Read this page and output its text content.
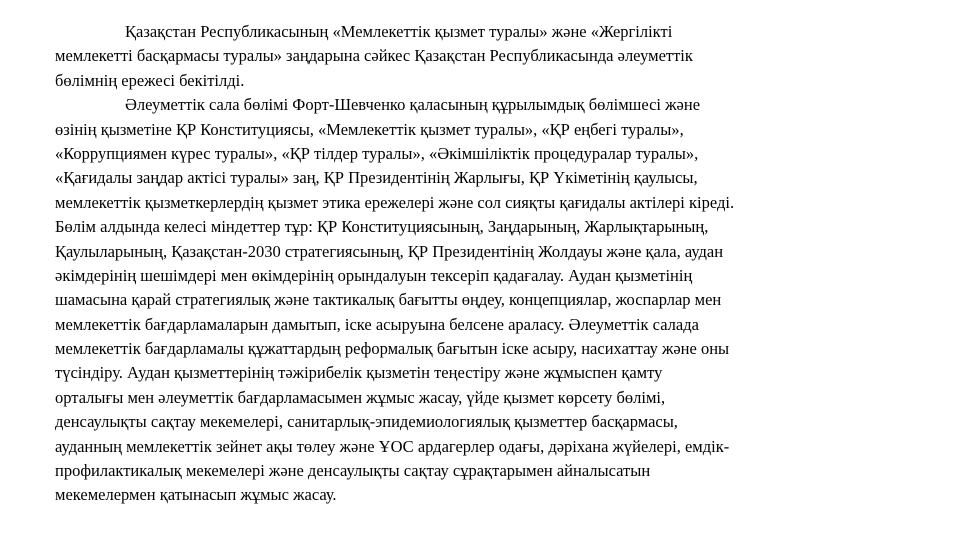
Қазақстан Республикасының «Мемлекеттік қызмет туралы» және «Жергілікті
мемлекетті басқармасы туралы» заңдарына сәйкес Қазақстан Республикасында әлеуметтік
бөлімнің ережесі бекітілді.
Әлеуметтік сала бөлімі Форт-Шевченко қаласының құрылымдық бөлімшесі және
өзінің қызметіне ҚР Конституциясы, «Мемлекеттік қызмет туралы», «ҚР еңбегі туралы»,
«Коррупциямен күрес туралы», «ҚР тілдер туралы», «Әкімшіліктік процедуралар туралы»,
«Қағидалы заңдар актісі туралы» заң, ҚР Президентінің Жарлығы, ҚР Үкіметінің қаулысы,
мемлекеттік қызметкерлердің қызмет этика ережелері және сол сияқты қағидалы актілері кіреді.
Бөлім алдында келесі міндеттер тұр: ҚР Конституциясының, Заңдарының, Жарлықтарының,
Қаулыларының, Қазақстан-2030 стратегиясының, ҚР Президентінің Жолдауы және қала, аудан
әкімдерінің шешімдері мен өкімдерінің орындалуын тексеріп қадағалау. Аудан қызметінің
шамасына қарай стратегиялық және тактикалық бағытты өңдеу, концепциялар, жоспарлар мен
мемлекеттік бағдарламаларын дамытып, іске асыруына белсене араласу. Әлеуметтік салада
мемлекеттік бағдарламалы құжаттардың реформалық бағытын іске асыру, насихаттау және оны
түсіндіру. Аудан қызметтерінің тәжірибелік қызметін теңестіру және жұмыспен қамту
орталығы мен әлеуметтік бағдарламасымен жұмыс жасау, үйде қызмет көрсету бөлімі,
денсаулықты сақтау мекемелері, санитарлық-эпидемиологиялық қызметтер басқармасы,
ауданның мемлекеттік зейнет ақы төлеу және ҰОС ардагерлер одағы, дәріхана жүйелері, емдік-
профилактикалық мекемелері және денсаулықты сақтау сұрақтарымен айналысатын
мекемелермен қатынасып жұмыс жасау.
